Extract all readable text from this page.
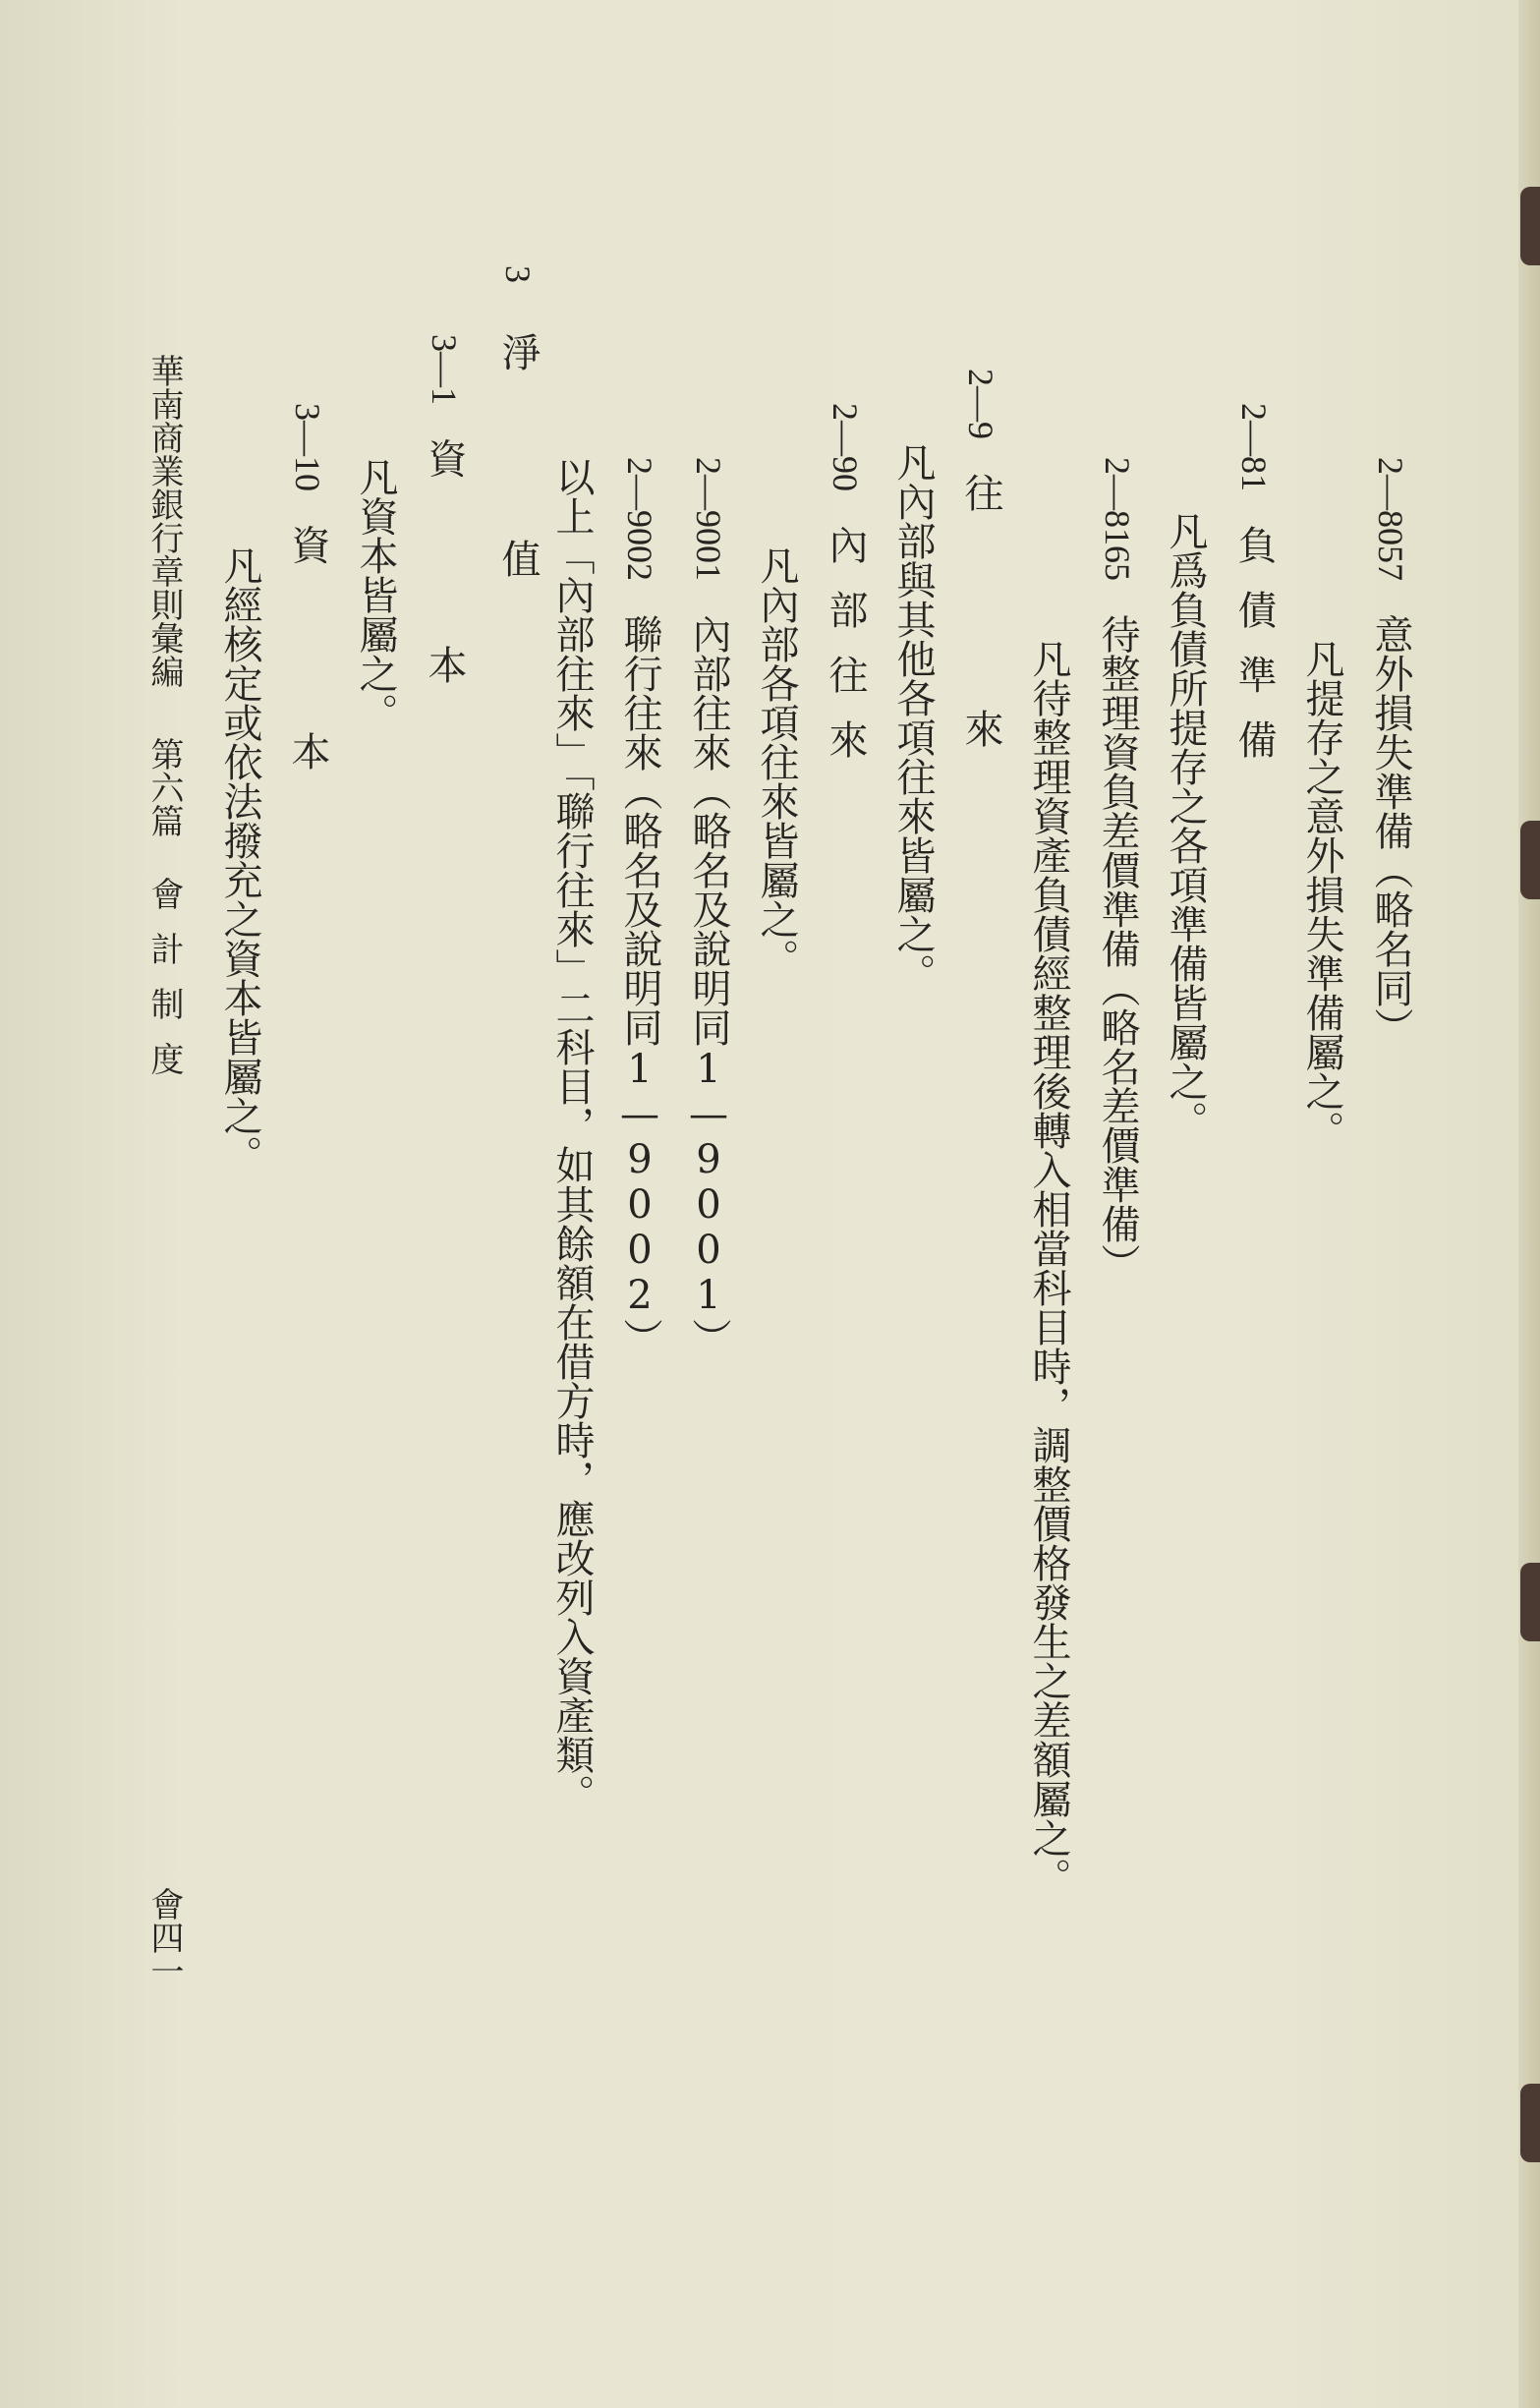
2—8057意外損失準備（略名同）
凡提存之意外損失準備屬之。
2—81負債準備
凡爲負債所提存之各項準備皆屬之。
2—8165待整理資負差價準備（略名差價準備）
凡待整理資產負債經整理後轉入相當科目時，調整價格發生之差額屬之。
2—9往來
凡內部與其他各項往來皆屬之。
2—90內部往來
凡內部各項往來皆屬之。
2—9001內部往來（略名及說明同1—9001）
2—9002聯行往來（略名及說明同1—9002）
以上「內部往來」「聯行往來」二科目，如其餘額在借方時，應改列入資產類。
3淨值
3—1資本
凡資本皆屬之。
3—10資本
凡經核定或依法撥充之資本皆屬之。
華南商業銀行章則彙編第六篇會計制度
會四一
